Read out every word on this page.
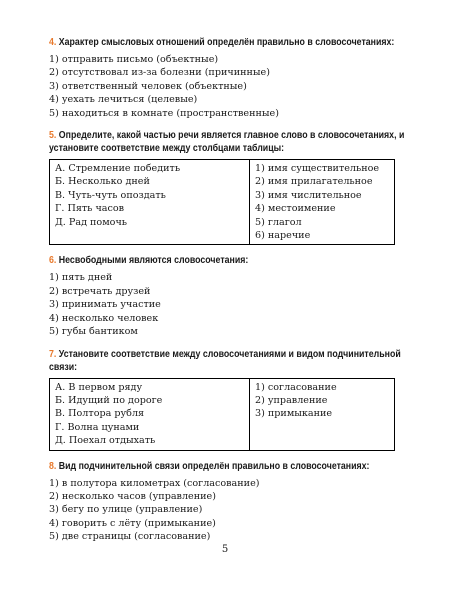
4. Характер смысловых отношений определён правильно в словосочетаниях:
1) отправить письмо (объектные)
2) отсутствовал из-за болезни (причинные)
3) ответственный человек (объектные)
4) уехать лечиться (целевые)
5) находиться в комнате (пространственные)
5. Определите, какой частью речи является главное слово в словосочетаниях, и установите соответствие между столбцами таблицы:
А. Стремление победить
Б. Несколько дней
В. Чуть-чуть опоздать
Г. Пять часов
Д. Рад помочь

1) имя существительное
2) имя прилагательное
3) имя числительное
4) местоимение
5) глагол
6) наречие
6. Несвободными являются словосочетания:
1) пять дней
2) встречать друзей
3) принимать участие
4) несколько человек
5) губы бантиком
7. Установите соответствие между словосочетаниями и видом подчинительной связи:
А. В первом ряду
Б. Идущий по дороге
В. Полтора рубля
Г. Волна цунами
Д. Поехал отдыхать

1) согласование
2) управление
3) примыкание
8. Вид подчинительной связи определён правильно в словосочетаниях:
1) в полутора километрах (согласование)
2) несколько часов (управление)
3) бегу по улице (управление)
4) говорить с лёту (примыкание)
5) две страницы (согласование)
5
